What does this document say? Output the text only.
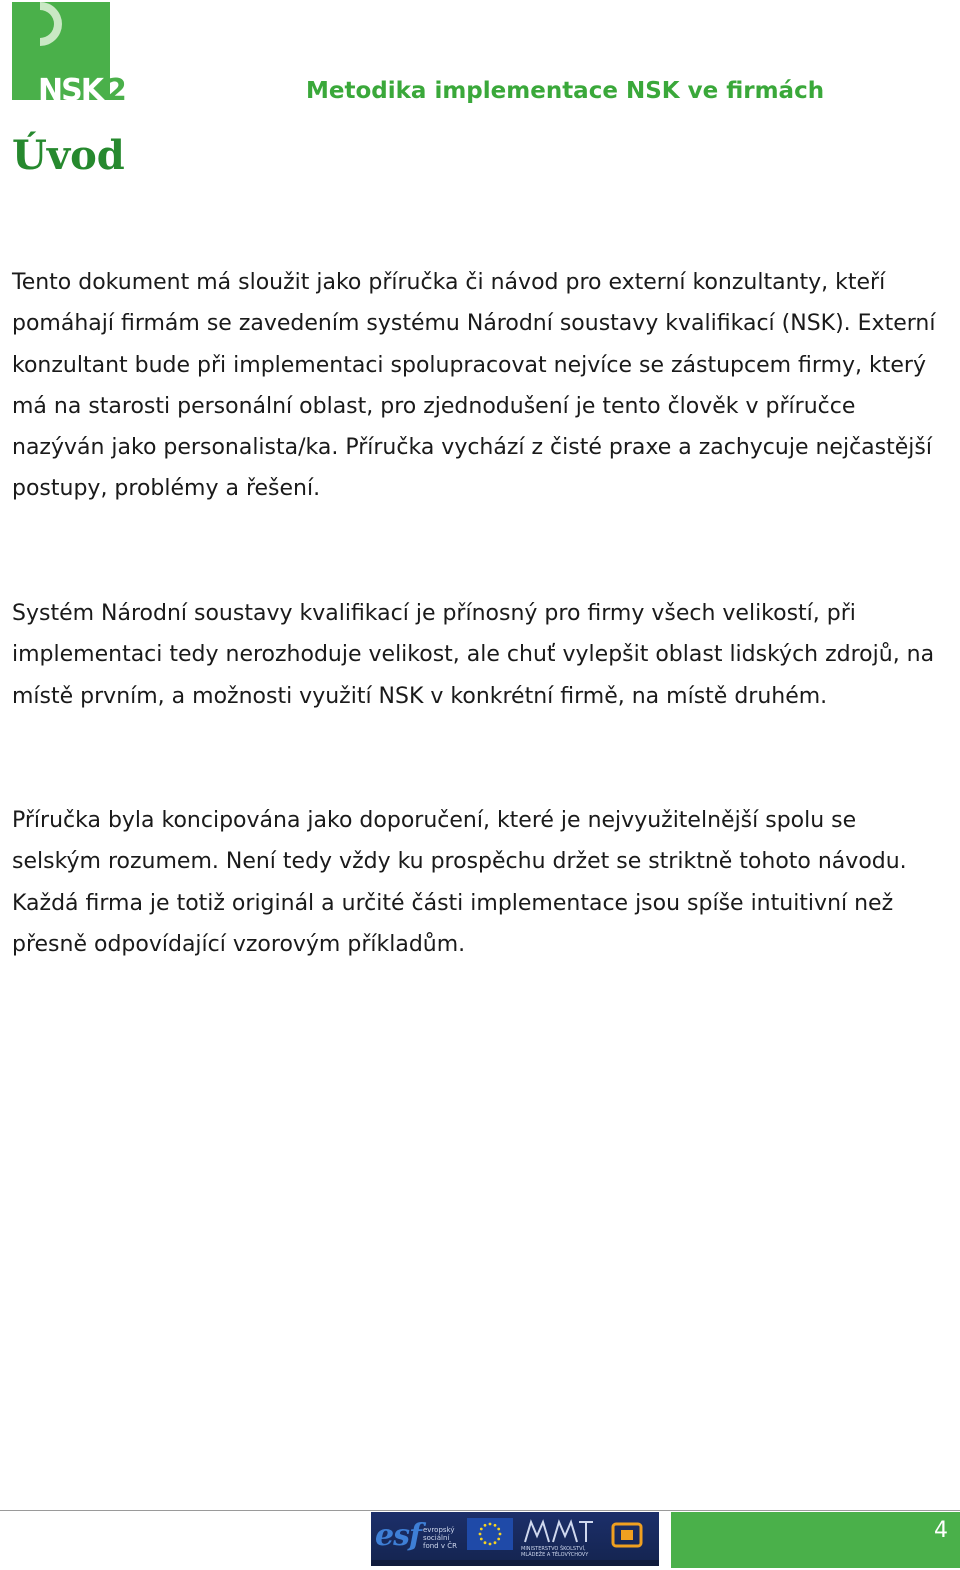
NSK 2	Metodika implementace NSK ve firmách
Úvod

Tento dokument má sloužit jako příručka či návod pro externí konzultanty, kteří pomáhají firmám se zavedením systému Národní soustavy kvalifikací (NSK). Externí konzultant bude při implementaci spolupracovat nejvíce se zástupcem firmy, který má na starosti personální oblast, pro zjednodušení je tento člověk v příručce nazýván jako personalista/ka. Příručka vychází z čisté praxe a zachycuje nejčastější postupy, problémy a řešení.

Systém Národní soustavy kvalifikací je přínosný pro firmy všech velikostí, při implementaci tedy nerozhoduje velikost, ale chuť vylepšit oblast lidských zdrojů, na místě prvním, a možnosti využití NSK v konkrétní firmě, na místě druhém.

Příručka byla koncipována jako doporučení, které je nejvyužitelnější spolu se selským rozumem. Není tedy vždy ku prospěchu držet se striktně tohoto návodu. Každá firma je totiž originál a určité části implementace jsou spíše intuitivní než přesně odpovídající vzorovým příkladům.

esf evropský sociální fond v ČR	MINISTERSTVO ŠKOLSTVÍ, MLÁDEŽE A TĚLOVÝCHOVY
4
